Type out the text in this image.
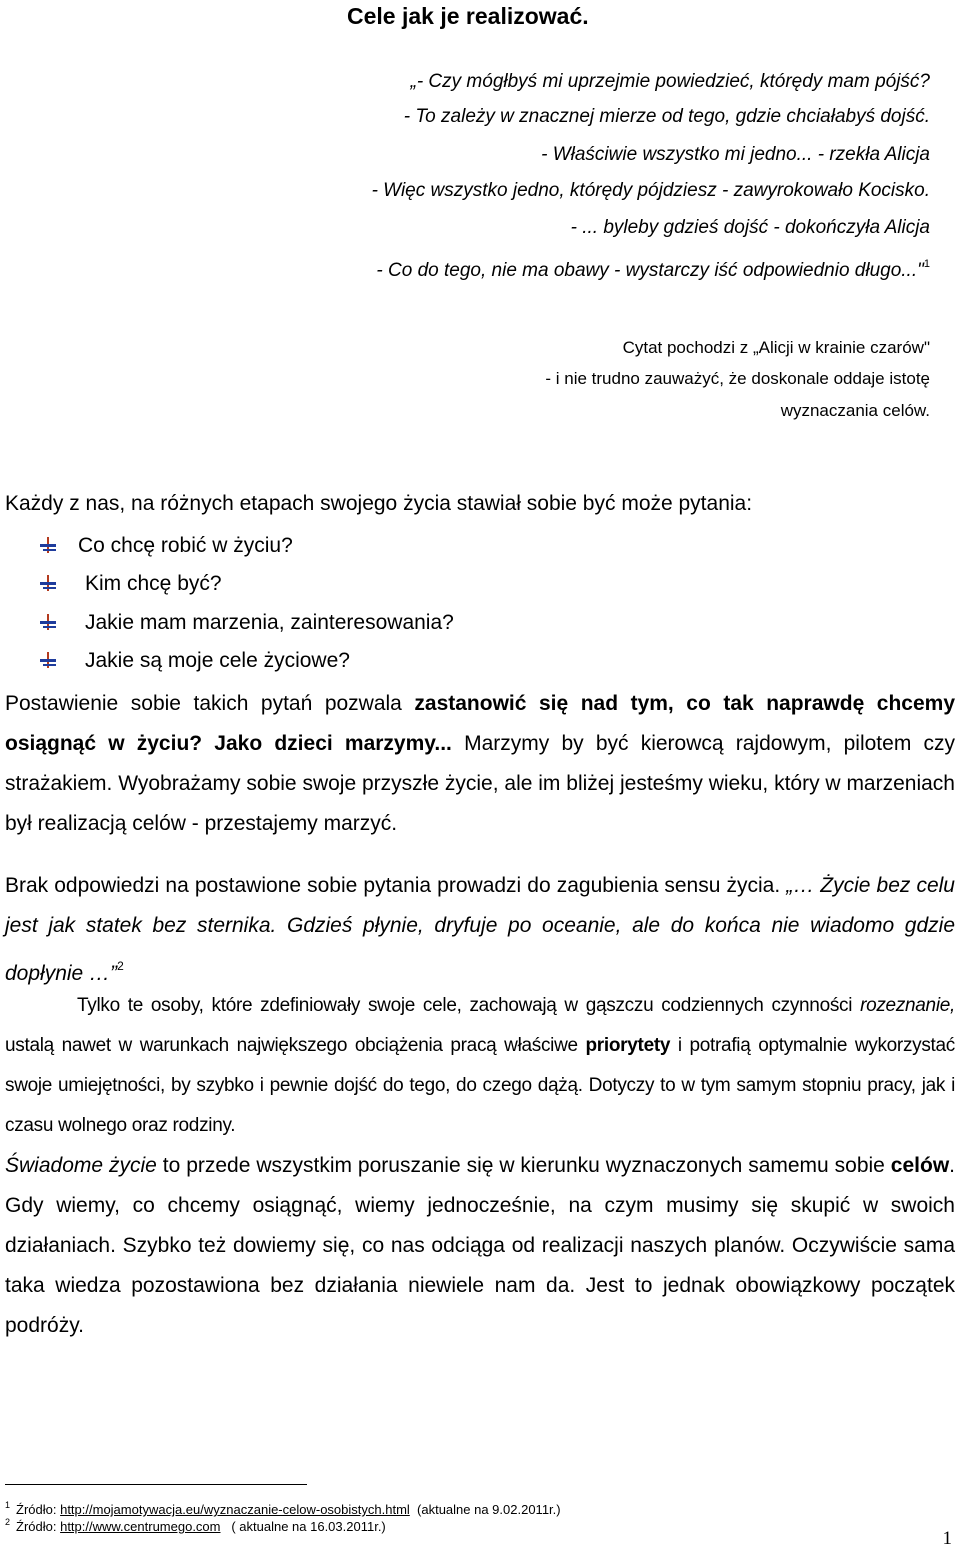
Cele jak je realizować.
„- Czy mógłbyś mi uprzejmie powiedzieć, którędy mam pójść?
- To zależy w znacznej mierze od tego, gdzie chciałabyś dojść.
- Właściwie wszystko mi jedno... - rzekła Alicja
- Więc wszystko jedno, którędy pójdziesz - zawyrokowało Kocisko.
- ... byleby gdzieś dojść - dokończyła Alicja
- Co do tego, nie ma obawy - wystarczy iść odpowiednio długo..."$^1$
Cytat pochodzi z „Alicji w krainie czarów"
- i nie trudno zauważyć, że doskonale oddaje istotę
wyznaczania celów.
Każdy z nas, na różnych etapach swojego życia stawiał sobie być może pytania:
Co chcę robić w życiu?
Kim chcę być?
Jakie mam marzenia, zainteresowania?
Jakie są moje cele życiowe?

Postawienie sobie takich pytań pozwala zastanowić się nad tym, co tak naprawdę chcemy osiągnąć w życiu? Jako dzieci marzymy... Marzymy by być kierowcą rajdowym, pilotem czy strażakiem. Wyobrażamy sobie swoje przyszłe życie, ale im bliżej jesteśmy wieku, który w marzeniach był realizacją celów - przestajemy marzyć.

Brak odpowiedzi na postawione sobie pytania prowadzi do zagubienia sensu życia. „… Życie bez celu jest jak statek bez sternika. Gdzieś płynie, dryfuje po oceanie, ale do końca nie wiadomo gdzie dopłynie …”$^2$

Tylko te osoby, które zdefiniowały swoje cele, zachowają w gąszczu codziennych czynności rozeznanie, ustalą nawet w warunkach największego obciążenia pracą właściwe priorytety i potrafią optymalnie wykorzystać swoje umiejętności, by szybko i pewnie dojść do tego, do czego dążą. Dotyczy to w tym samym stopniu pracy, jak i czasu wolnego oraz rodziny.

Świadome życie to przede wszystkim poruszanie się w kierunku wyznaczonych samemu sobie celów. Gdy wiemy, co chcemy osiągnąć, wiemy jednocześnie, na czym musimy się skupić w swoich działaniach. Szybko też dowiemy się, co nas odciąga od realizacji naszych planów. Oczywiście sama taka wiedza pozostawiona bez działania niewiele nam da. Jest to jednak obowiązkowy początek podróży.

$^1$ Źródło: http://mojamotywacja.eu/wyznaczanie-celow-osobistych.html  (aktualne na 9.02.2011r.)
$^2$ Źródło: http://www.centrumego.com   ( aktualne na 16.03.2011r.)
1
